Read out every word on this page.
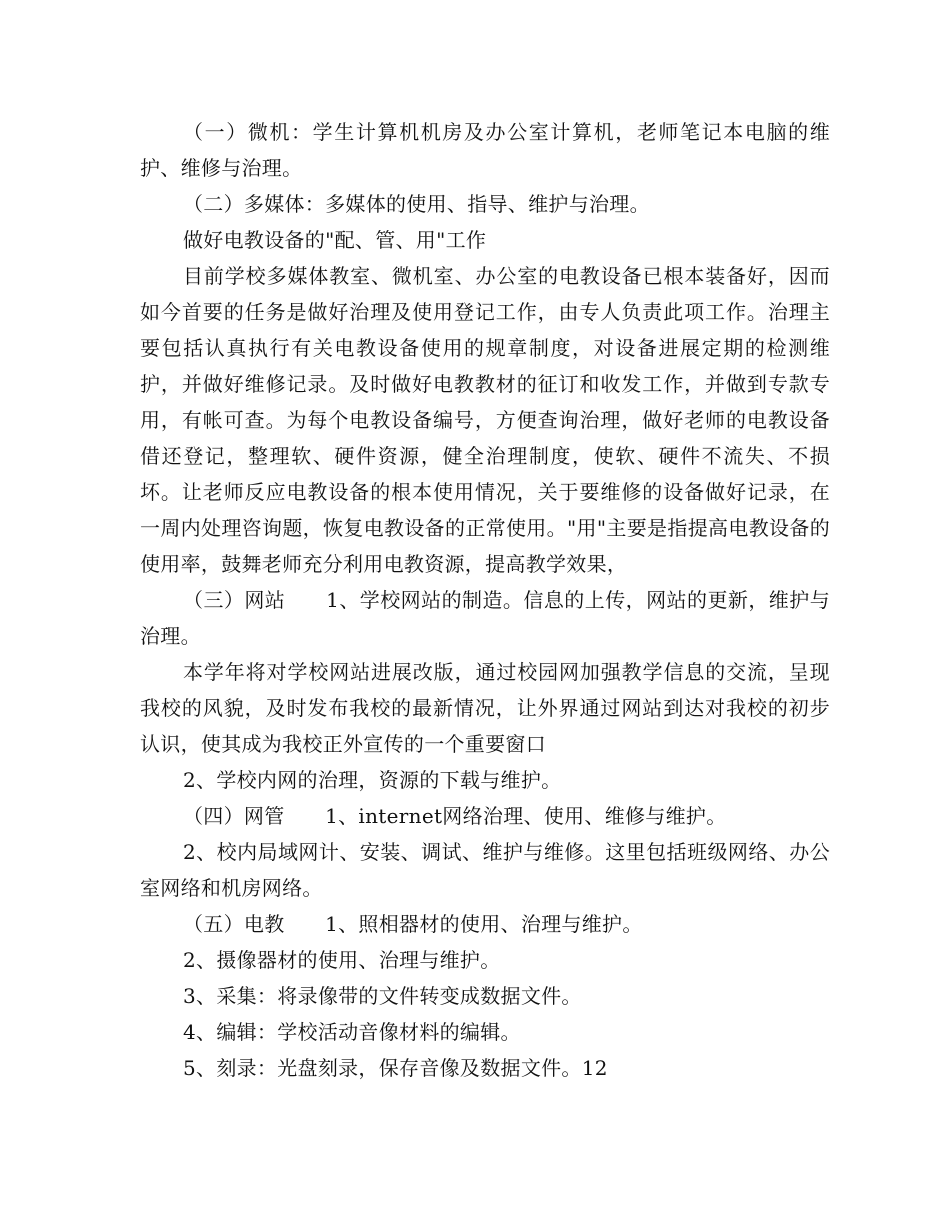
（一）微机：学生计算机机房及办公室计算机，老师笔记本电脑的维护、维修与治理。

（二）多媒体：多媒体的使用、指导、维护与治理。

做好电教设备的"配、管、用"工作

目前学校多媒体教室、微机室、办公室的电教设备已根本装备好，因而如今首要的任务是做好治理及使用登记工作，由专人负责此项工作。治理主要包括认真执行有关电教设备使用的规章制度，对设备进展定期的检测维护，并做好维修记录。及时做好电教教材的征订和收发工作，并做到专款专用，有帐可查。为每个电教设备编号，方便查询治理，做好老师的电教设备借还登记，整理软、硬件资源，健全治理制度，使软、硬件不流失、不损坏。让老师反应电教设备的根本使用情况，关于要维修的设备做好记录，在一周内处理咨询题，恢复电教设备的正常使用。"用"主要是指提高电教设备的使用率，鼓舞老师充分利用电教资源，提高教学效果，

（三）网站　　1、学校网站的制造。信息的上传，网站的更新，维护与治理。

本学年将对学校网站进展改版，通过校园网加强教学信息的交流，呈现我校的风貌，及时发布我校的最新情况，让外界通过网站到达对我校的初步认识，使其成为我校正外宣传的一个重要窗口

2、学校内网的治理，资源的下载与维护。

（四）网管　　1、internet网络治理、使用、维修与维护。

2、校内局域网计、安装、调试、维护与维修。这里包括班级网络、办公室网络和机房网络。

（五）电教　　1、照相器材的使用、治理与维护。

2、摄像器材的使用、治理与维护。

3、采集：将录像带的文件转变成数据文件。

4、编辑：学校活动音像材料的编辑。

5、刻录：光盘刻录，保存音像及数据文件。12
